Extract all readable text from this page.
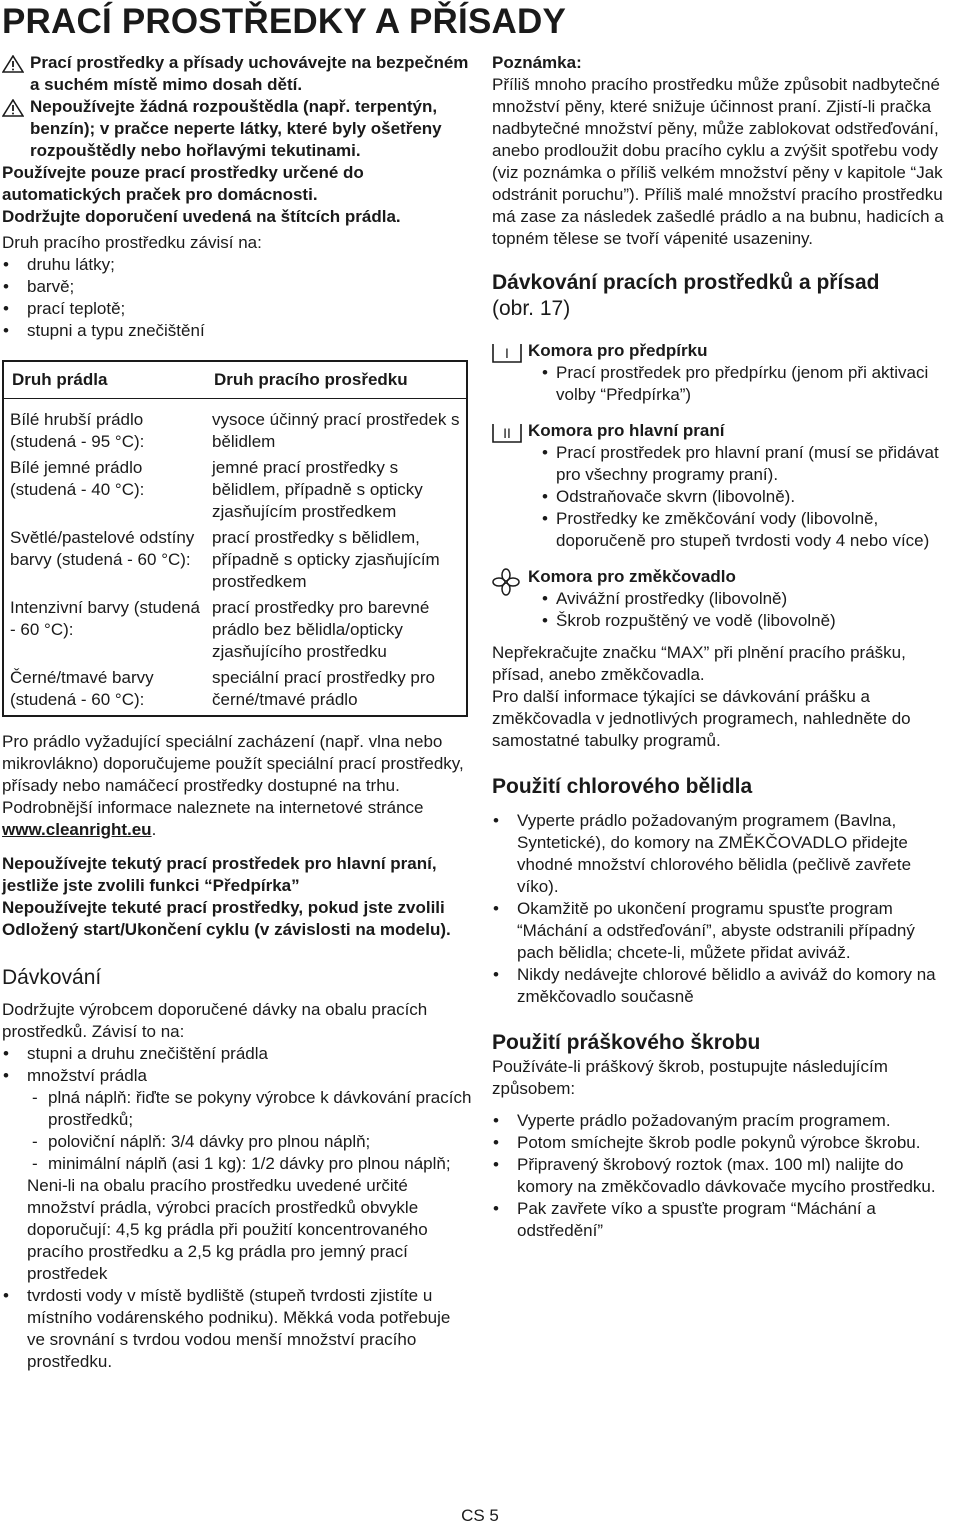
PRACÍ PROSTŘEDKY A PŘÍSADY

Prací prostředky a přísady uchovávejte na bezpečném a suchém místě mimo dosah dětí.

Nepoužívejte žádná rozpouštědla (např. terpentýn, benzín); v pračce neperte látky, které byly ošetřeny rozpouštědly nebo hořlavými tekutinami.

Používejte pouze prací prostředky určené do automatických praček pro domácnosti.

Dodržujte doporučení uvedená na štítcích prádla.

Druh pracího prostředku závisí na:

• druhu látky;
• barvě;
• prací teplotě;
• stupni a typu znečištění
Druh prádla	Druh pracího prosředku
Bílé hrubší prádlo (studená - 95 °C):	vysoce účinný prací prostředek s bělidlem
Bílé jemné prádlo (studená - 40 °C):	jemné prací prostředky s bělidlem, případně s opticky zjasňujícím prostředkem
Světlé/pastelové odstíny barvy (studená - 60 °C):	prací prostředky s bělidlem, případně s opticky zjasňujícím prostředkem
Intenzivní barvy (studená - 60 °C):	prací prostředky pro barevné prádlo bez bělidla/opticky zjasňujícího prostředku
Černé/tmavé barvy (studená - 60 °C):	speciální prací prostředky pro černé/tmavé prádlo

Pro prádlo vyžadující speciální zacházení (např. vlna nebo mikrovlákno) doporučujeme použít speciální prací prostředky, přísady nebo namáčecí prostředky dostupné na trhu.

Podrobnější informace naleznete na internetové stránce www.cleanright.eu.

Nepoužívejte tekutý prací prostředek pro hlavní praní, jestliže jste zvolili funkci “Předpírka”

Nepoužívejte tekuté prací prostředky, pokud jste zvolili Odložený start/Ukončení cyklu (v závislosti na modelu).

Dávkování

Dodržujte výrobcem doporučené dávky na obalu pracích prostředků. Závisí to na:

• stupni a druhu znečištění prádla
• množství prádla
- plná náplň: řiďte se pokyny výrobce k dávkování pracích prostředků;
- poloviční náplň: 3/4 dávky pro plnou náplň;
- minimální náplň (asi 1 kg): 1/2 dávky pro plnou náplň;

Neni-li na obalu pracího prostředku uvedené určité množství prádla, výrobci pracích prostředků obvykle doporučují: 4,5 kg prádla při použití koncentrovaného pracího prostředku a 2,5 kg prádla pro jemný prací prostředek

• tvrdosti vody v místě bydliště (stupeň tvrdosti zjistíte u místního vodárenského podniku). Měkká voda potřebuje ve srovnání s tvrdou vodou menší množství pracího prostředku.

Poznámka:

Příliš mnoho pracího prostředku může způsobit nadbytečné množství pěny, které snižuje účinnost praní. Zjistí-li pračka nadbytečné množství pěny, může zablokovat odstřeďování, anebo prodloužit dobu pracího cyklu a zvýšit spotřebu vody (viz poznámka o příliš velkém množství pěny v kapitole “Jak odstránit poruchu”). Příliš malé množství pracího prostředku má zase za následek zašedlé prádlo a na bubnu, hadicích a topném tělese se tvoří vápenité usazeniny.

Dávkování pracích prostředků a přísad
(obr. 17)
I Komora pro předpírku

• Prací prostředek pro předpírku (jenom při aktivaci volby “Předpírka”)
II Komora pro hlavní praní

• Prací prostředek pro hlavní praní (musí se přidávat pro všechny programy praní).
• Odstraňovače skvrn (libovolně).
• Prostředky ke změkčování vody (libovolně, doporučeně pro stupeň tvrdosti vody 4 nebo více)

Komora pro změkčovadlo

• Avivážní prostředky (libovolně)
• Škrob rozpuštěný ve vodě (libovolně)

Nepřekračujte značku “MAX” při plnění pracího prášku, přísad, anebo změkčovadla.

Pro další informace týkajíci se dávkování prášku a změkčovadla v jednotlivých programech, nahledněte do samostatné tabulky programů.

Použití chlorového bělidla
• Vyperte prádlo požadovaným programem (Bavlna, Syntetické), do komory na ZMĚKČOVADLO přidejte vhodné množství chlorového bělidla (pečlivě zavřete víko).
• Okamžitě po ukončení programu spusťte program “Máchání a odstřeďování”, abyste odstranili případný pach bělidla; chcete-li, můžete přidat aviváž.
• Nikdy nedávejte chlorové bělidlo a aviváž do komory na změkčovadlo současně
Použití práškového škrobu

Používáte-li práškový škrob, postupujte následujícím způsobem:

• Vyperte prádlo požadovaným pracím programem.
• Potom smíchejte škrob podle pokynů výrobce škrobu.
• Připravený škrobový roztok (max. 100 ml) nalijte do komory na změkčovadlo dávkovače mycího prostředku.
• Pak zavřete víko a spusťte program “Máchání a odstředění”
CS 5
